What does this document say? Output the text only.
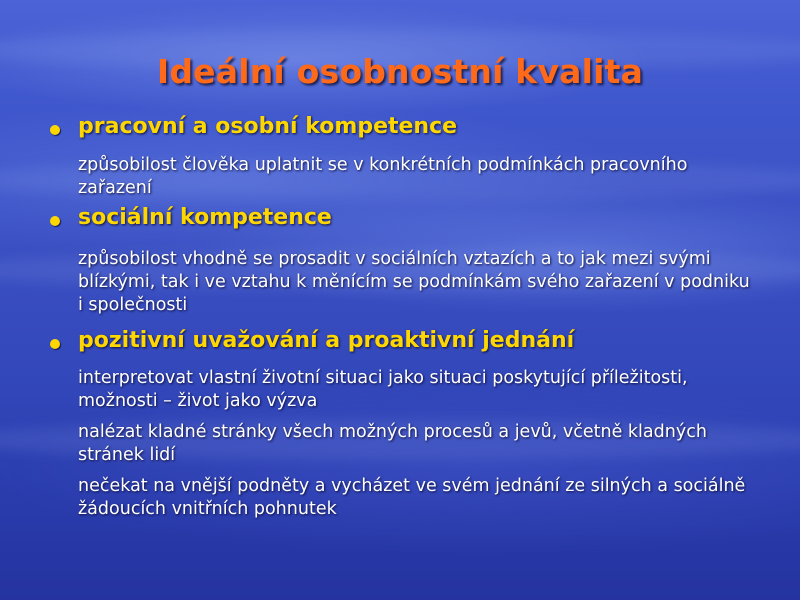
Ideální osobnostní kvalita
pracovní a osobní kompetence
způsobilost člověka uplatnit se v konkrétních podmínkách pracovního zařazení
sociální kompetence
způsobilost vhodně se prosadit v sociálních vztazích a to jak mezi svými blízkými, tak i ve vztahu k měnícím se podmínkám svého zařazení v podniku i společnosti
pozitivní uvažování a proaktivní jednání
interpretovat vlastní životní situaci jako situaci poskytující příležitosti, možnosti – život jako výzva
nalézat kladné stránky všech možných procesů a jevů, včetně kladných stránek lidí
nečekat na vnější podněty a vycházet ve svém jednání ze silných a sociálně žádoucích vnitřních pohnutek
